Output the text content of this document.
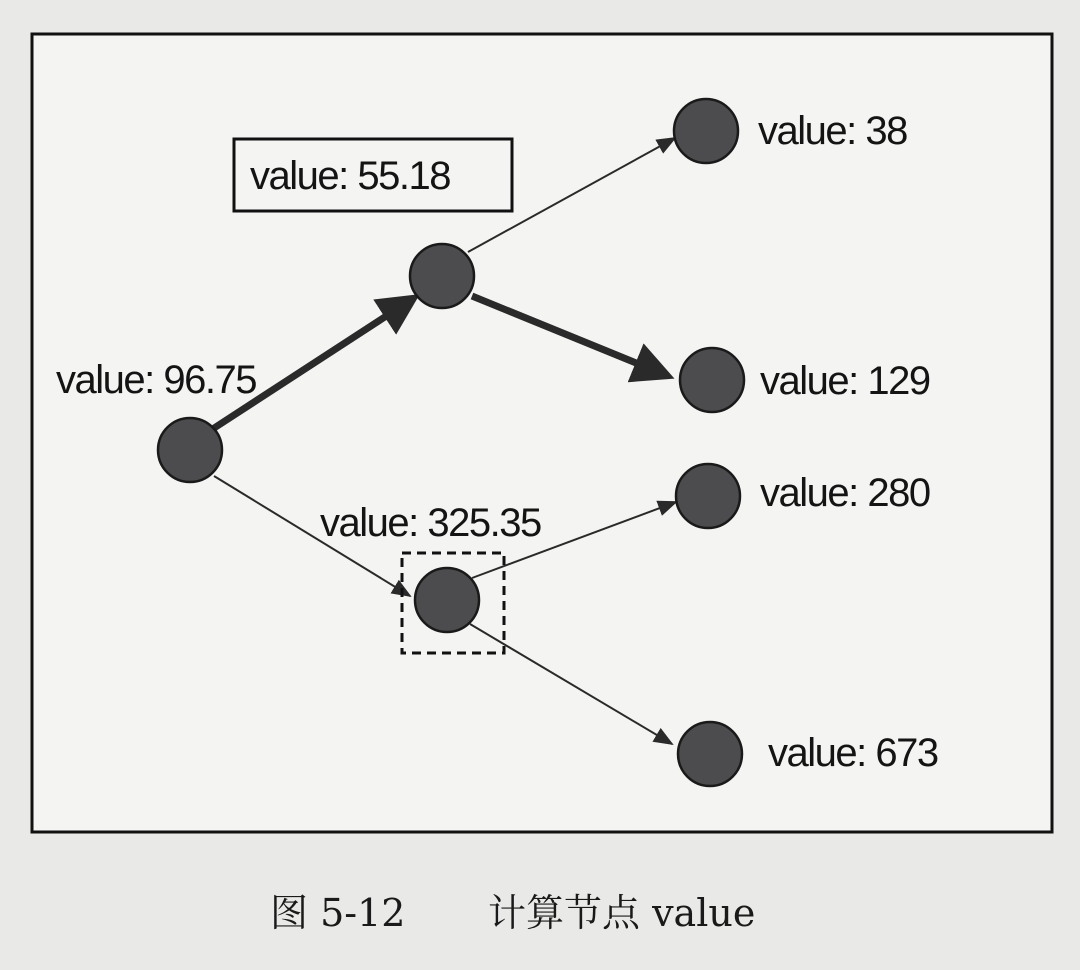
value: 96.75
value: 55.18
value: 325.35
value: 38
value: 129
value: 280
value: 673
图 5-12 计算节点 value
